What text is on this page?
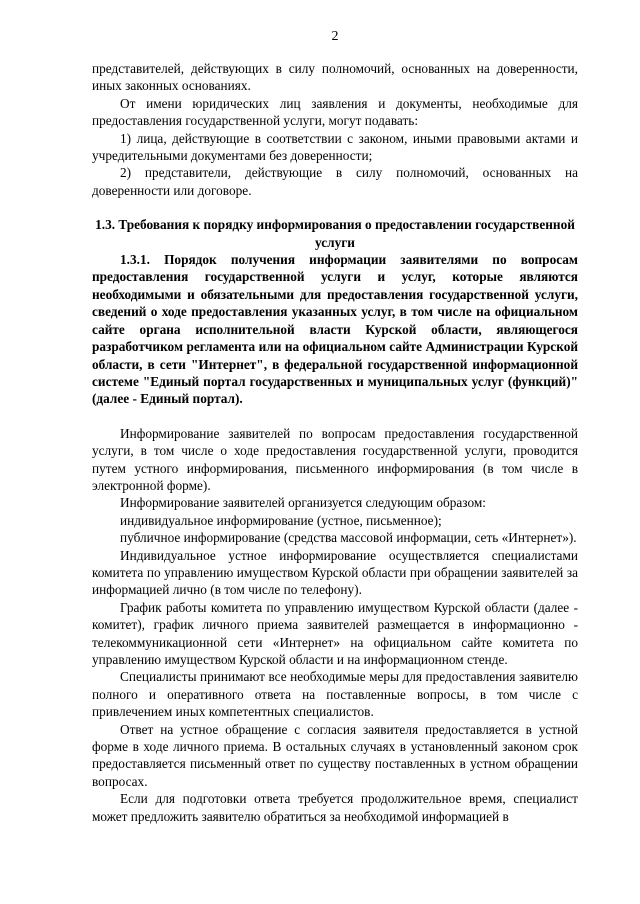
2

представителей, действующих в силу полномочий, основанных на доверенности, иных законных основаниях.

От имени юридических лиц заявления и документы, необходимые для предоставления государственной услуги, могут подавать:

1) лица, действующие в соответствии с законом, иными правовыми актами и учредительными документами без доверенности;

2) представители, действующие в силу полномочий, основанных на доверенности или договоре.

1.3. Требования к порядку информирования о предоставлении государственной услуги

1.3.1. Порядок получения информации заявителями по вопросам предоставления государственной услуги и услуг, которые являются необходимыми и обязательными для предоставления государственной услуги, сведений о ходе предоставления указанных услуг, в том числе на официальном сайте органа исполнительной власти Курской области, являющегося разработчиком регламента или на официальном сайте Администрации Курской области, в сети "Интернет", в федеральной государственной информационной системе "Единый портал государственных и муниципальных услуг (функций)" (далее - Единый портал).

Информирование заявителей по вопросам предоставления государственной услуги, в том числе о ходе предоставления государственной услуги, проводится путем устного информирования, письменного информирования (в том числе в электронной форме).

Информирование заявителей организуется следующим образом:

индивидуальное информирование (устное, письменное);

публичное информирование (средства массовой информации, сеть «Интернет»).

Индивидуальное устное информирование осуществляется специалистами комитета по управлению имуществом Курской области при обращении заявителей за информацией лично (в том числе по телефону).

График работы комитета по управлению имуществом Курской области (далее - комитет), график личного приема заявителей размещается в информационно - телекоммуникационной сети «Интернет» на официальном сайте комитета по управлению имуществом Курской области и на информационном стенде.

Специалисты принимают все необходимые меры для предоставления заявителю полного и оперативного ответа на поставленные вопросы, в том числе с привлечением иных компетентных специалистов.

Ответ на устное обращение с согласия заявителя предоставляется в устной форме в ходе личного приема. В остальных случаях в установленный законом срок предоставляется письменный ответ по существу поставленных в устном обращении вопросах.

Если для подготовки ответа требуется продолжительное время, специалист может предложить заявителю обратиться за необходимой информацией в
